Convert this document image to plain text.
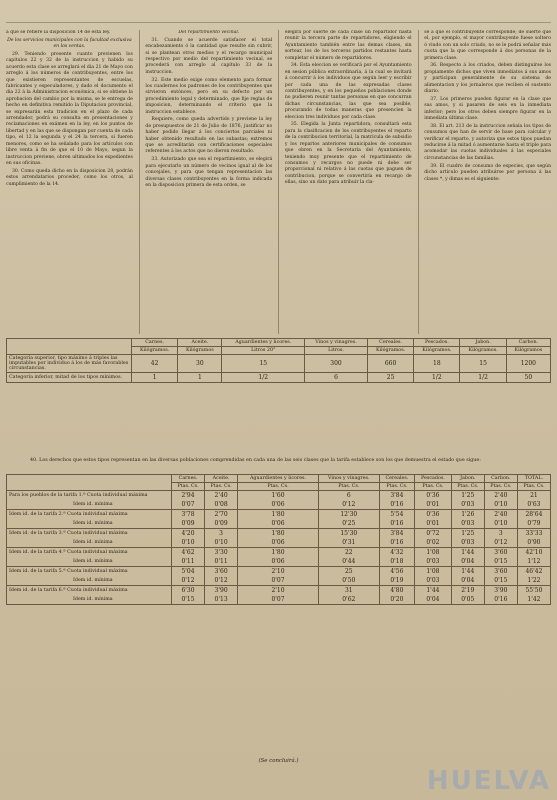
á que se refiere la disposicion 14 de esta ley.

De los servicios municipales con la facultad exclusiva en los ventas.

29. Teniendo presente cuanto previenen los capítulos 22 y 32 de la instruccion y habido su acuerdo esta clase se arreglará el dia 21 de Mayo con arreglo á los números de contribuyentes, entre los que existieren representantes de escuelas, fabricantes y especuladores, y dado el documento el dia 22 á la Administracion económica, si se obtiene la aprobacion del cambio por la misma, se le entrega de hecho en definitiva remitido la Diputacion provincial, se expresarán esta tradicion en el plazo de cada arrendador, podrá su consulta en presentaciones y reclamaciones en exámen en la ley, en los puntos de libertad y en las que se dispongan por cuenta de cada tipo, el 12 la segunda y el 24 la tercera, si fueren menores, como se ha señalado para los artículos con libre venta á fin de que el 10 de Mayo, segun la instruccion previene, obren ultimados los expedientes en sus oficinas.

30. Como queda dicho en la disposicion 28, podrán estos arrendatarios proceder, como los otros, al cumplimiento de la 14.

Del repartimiento vecinal.

31. Cuando se acuerde satisfacer el total encabezamiento ó la cantidad que resulte sin cubrir, si se plantean otros medios y el recargo municipal respectivo por medio del repartimiento vecinal, se procederá con arreglo al capítulo 33 de la instruccion.

32. Este medio exige como elemento para formar los cuadernos los padrones de los contribuyentes que sirvieron entónces, pero en su defecto por un procedimiento legal y determinado, que fije reglas de imposicion, determinando el criterio que la instruccion establece.

Requiere, como queda advertido y previene la ley de presupuestos de 21 de Julio de 1876, justificar no haber podido llegar á los conciertos parciales ni haber obtenido resultado en las subastas; extremos que se acreditarán con certificaciones especiales referentes á los actos que no dieron resultado.

33. Autorizado que sea el repartimiento, se elegirá para ejecutarlo un número de vecinos igual al de los concejales, y para que tengan representacion las diversas clases contribuyentes en la forma indicada en la disposicion primera de esta orden, se

elegirá por suerte de cada clase un repartidor hasta reunir la tercera parte de repartidores, eligiendo el Ayuntamiento también entre las demas clases, sin sortear, los de los terceros partidos restantes hasta completar el número de repartidores.

34. Esta eleccion se verificará por el Ayuntamiento en sesion pública extraordinaria, á la cual se invitará á concurrir á los individuos que según leer y escribir por cada una de las expresadas clases contribuyentes, y en los pequeños poblaciones donde no pudieren reunir tantas personas en que concurran dichas circunstancias, las que sea posible, procurando de todas maneras que presencien la eleccion tres individuos por cada clase.

35. Elegida la Junta repartidora, consultará esta para la clasificacion de los contribuyentes el reparto de la contribucion territorial, la matrícula de subsidio y los repartos anteriores municipales de consumos que obren en la Secretaría del Ayuntamiento, teniendo muy presente que el repartimiento de consumos y recargos no puede ni debe ser proporcional ni relativo á las cuotas que paguen de contribucion, porque se convertiría en recargo de ellas, sino un dato para atribuir la cla-

se á que el contribuyente corresponde; de suerte que el, por ejemplo, el mayor contribuyente fuese soltero ó viudo con un solo criado, no se le podrá señalar más cuota que la que corresponde á dos personas de la primera clase.

36. Respecto á los criados, deben distinguirse los propiamente dichos que viven inmediatos á sus amos y participan generalmente de su sistema de alimentacion y los jornaleros que reciben el sustento diario.

37. Los primeros pueden figurar en la clase que sus amos, y si pasaren de seis en la inmediata inferior; pero los otros deben siempre figurar en la inmediata última clase.

38. El art. 213 de la instruccion señala los tipos de consumos que han de servir de base para calcular y verificar el reparto, y autoriza que estos tipos puedan reducirse á la mitad ó aumentarse hasta el triple para acomodar las cuotas individuales á las especiales circunstancias de las familias.

39. El cuadro de consumo de especies, que según dicho artículo pueden atribuirse por persona á las clases *, y dimas es el siguiente:

	Carnes.	Aceite.	Aguardientes y licores.	Vinos y vinagres.	Cereales.	Pescados.	Jabon.	Carbon.
	Kilógramos.	Kilógramos	Litros 20°	Litros.	Kilógramos.	Kilógramos.	Kilógramos.	Kilógramos
Categoría superior, tipo máximo á triples las imputables por individuo á los de más favorables circunstancias.	42	30	15	300	660	18	15	1200
Categoría inferior, mitad de los tipos mínimos.	1	1	1/2	6	25	1/2	1/2	50

40. Los derechos que estos tipos representan en las diversas poblaciones comprendidas en cada una de las seis clases que la tarifa establece son los que demuestra el estado que sigue:

	Carnes.	Aceite.	Aguardientes y licores.	Vinos y vinagres.	Cereales.	Pescados.	Jabon.	Carbon.	TOTAL.
	Ptas. Cs.	Ptas. Cs.	Ptas. Cs.	Ptas. Cs.	Ptas. Cs.	Ptas. Cs.	Ptas. Cs.	Ptas. Cs.	Ptas. Cs.
Para los pueblos de la tarifa 1.ª Cuota individual máxima	2'94	2'40	1'60	6	3'84	0'36	1'25	2'40	21
Idem id. mínima	0'07	0'08	0'06	0'12	0'16	0'01	0'03	0'10	0'63
Idem id. de la tarifa 2.ª Cuota individual máxima	3'78	2'70	1'80	12'30	5'54	0'36	1'26	2'40	28'64
Idem id. mínima	0'09	0'09	0'06	0'25	0'16	0'01	0'03	0'10	0'79
Idem id. de la tarifa 3.ª Cuota individual máxima	4'20	3	1'80	15'30	3'84	0'72	1'25	3	33'33
Idem id. mínima	0'10	0'10	0'06	0'31	0'16	0'02	0'03	0'12	0'90
Idem id. de la tarifa 4.ª Cuota individual máxima	4'62	3'30	1'80	22	4'32	1'08	1'44	3'60	42'10
Idem id. mínima	0'11	0'11	0'06	0'44	0'18	0'03	0'04	0'15	1'12
Idem id. de la tarifa 5.ª Cuota individual máxima	5'04	3'60	2'10	25	4'56	1'08	1'44	3'60	46'42
Idem id. mínima	0'12	0'12	0'07	0'50	0'19	0'03	0'04	0'15	1'22
Idem id. de la tarifa 6.ª Cuota individual máxima	6'30	3'90	2'10	31	4'80	1'44	2'19	3'90	55'50
Idem id. mínima	0'15	0'13	0'07	0'62	0'20	0'04	0'05	0'16	1'42
(Se concluirá.)
HUELVA
